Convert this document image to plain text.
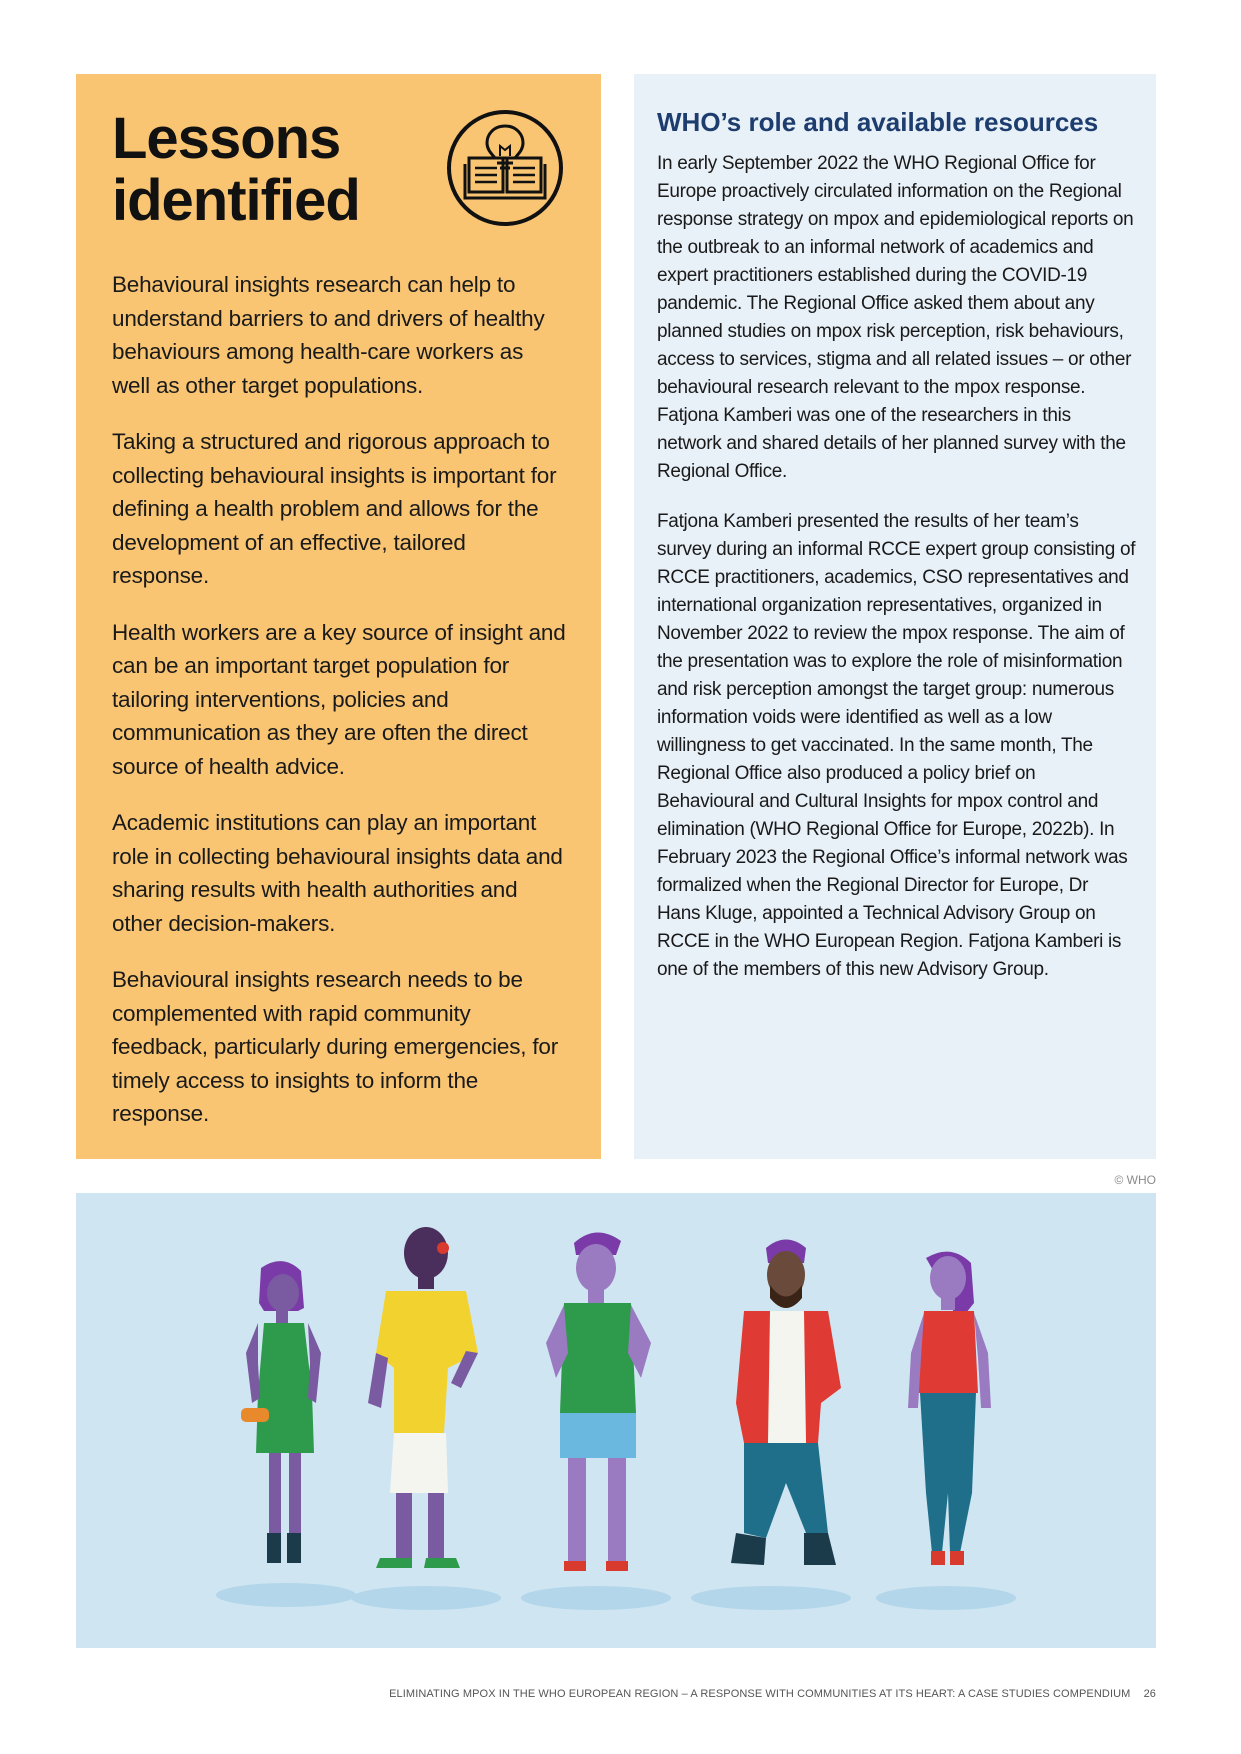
Lessons
identified

Behavioural insights research can help to understand barriers to and drivers of healthy behaviours among health-care workers as well as other target populations.

Taking a structured and rigorous approach to collecting behavioural insights is important for defining a health problem and allows for the development of an effective, tailored response.

Health workers are a key source of insight and can be an important target population for tailoring interventions, policies and communication as they are often the direct source of health advice.

Academic institutions can play an important role in collecting behavioural insights data and sharing results with health authorities and other decision-makers.

Behavioural insights research needs to be complemented with rapid community feedback, particularly during emergencies, for timely access to insights to inform the response.

WHO’s role and available resources

In early September 2022 the WHO Regional Office for Europe proactively circulated information on the Regional response strategy on mpox and epidemiological reports on the outbreak to an informal network of academics and expert practitioners established during the COVID-19 pandemic. The Regional Office asked them about any planned studies on mpox risk perception, risk behaviours, access to services, stigma and all related issues – or other behavioural research relevant to the mpox response. Fatjona Kamberi was one of the researchers in this network and shared details of her planned survey with the Regional Office.

Fatjona Kamberi presented the results of her team’s survey during an informal RCCE expert group consisting of RCCE practitioners, academics, CSO representatives and international organization representatives, organized in November 2022 to review the mpox response. The aim of the presentation was to explore the role of misinformation and risk perception amongst the target group: numerous information voids were identified as well as a low willingness to get vaccinated. In the same month, The Regional Office also produced a policy brief on Behavioural and Cultural Insights for mpox control and elimination (WHO Regional Office for Europe, 2022b). In February 2023 the Regional Office’s informal network was formalized when the Regional Director for Europe, Dr Hans Kluge, appointed a Technical Advisory Group on RCCE in the WHO European Region. Fatjona Kamberi is one of the members of this new Advisory Group.

© WHO
ELIMINATING MPOX IN THE WHO EUROPEAN REGION – A RESPONSE WITH COMMUNITIES AT ITS HEART: A CASE STUDIES COMPENDIUM 26
